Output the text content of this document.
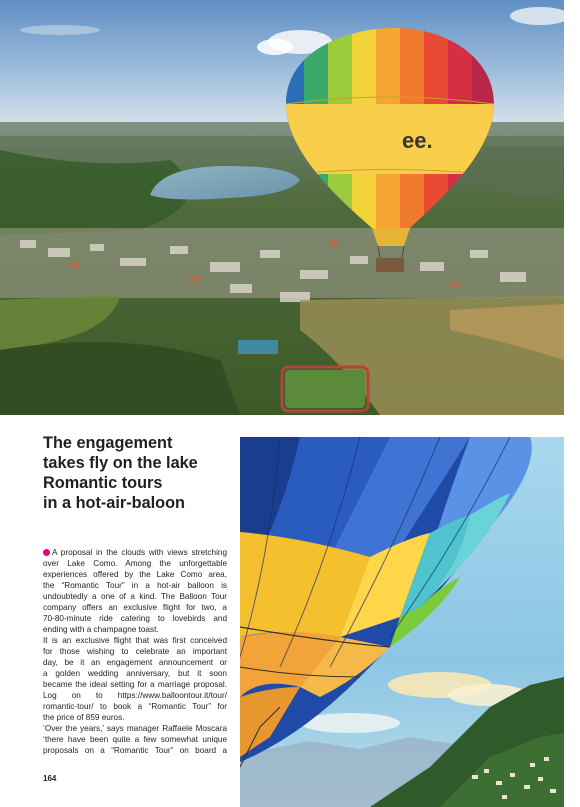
ee.
The engagement
takes fly on the lake
Romantic tours
in a hot-air-baloon
A proposal in the clouds with views stretching
over Lake Como. Among the unforgettable
experiences offered by the Lake Como area,
the “Romantic Tour” in a hot-air balloon is
undoubtedly a one of a kind. The Balloon Tour
company offers an exclusive flight for two, a
70-80-minute ride catering to lovebirds and
ending with a champagne toast.
It is an exclusive flight that was first conceived
for those wishing to celebrate an important
day, be it an engagement announcement or
a golden wedding anniversary, but it soon
became the ideal setting for a marriage proposal.
Log on to https://www.balloontour.it/tour/
romantic-tour/ to book a “Romantic Tour” for
the price of 859 euros.
‘Over the years,’ says manager Raffaele Moscara
‘there have been quite a few somewhat unique
proposals on a “Romantic Tour” on board a
164
